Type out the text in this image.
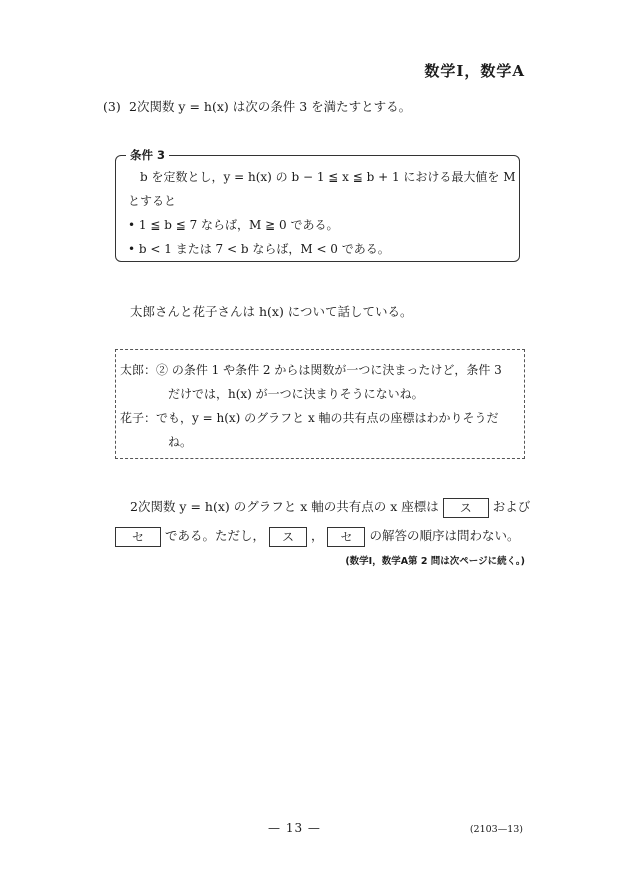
数学Ⅰ，数学A
(3) 2次関数 y = h(x) は次の条件 3 を満たすとする。
条件 3
b を定数とし，y = h(x) の b − 1 ≦ x ≦ b + 1 における最大値を M
とすると
• 1 ≦ b ≦ 7 ならば，M ≧ 0 である。
• b < 1 または 7 < b ならば，M < 0 である。
太郎さんと花子さんは h(x) について話している。
太郎： ② の条件 1 や条件 2 からは関数が一つに決まったけど，条件 3
だけでは，h(x) が一つに決まりそうにないね。
花子： でも，y = h(x) のグラフと x 軸の共有点の座標はわかりそうだ
ね。
2次関数 y = h(x) のグラフと x 軸の共有点の x 座標は ス および
セ である。ただし， ス ， セ の解答の順序は問わない。
(数学Ⅰ，数学A第 2 問は次ページに続く。)
— 13 —	(2103—13)
